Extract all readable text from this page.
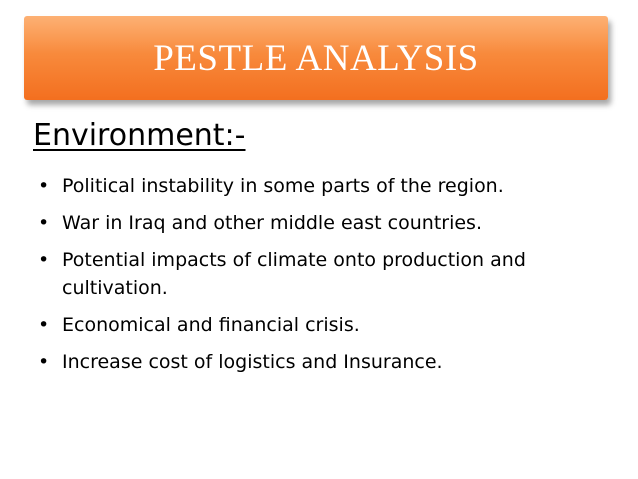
PESTLE ANALYSIS
Environment:-
• Political instability in some parts of the region.
• War in Iraq and other middle east countries.
• Potential impacts of climate onto production and cultivation.
• Economical and financial crisis.
• Increase cost of logistics and Insurance.
